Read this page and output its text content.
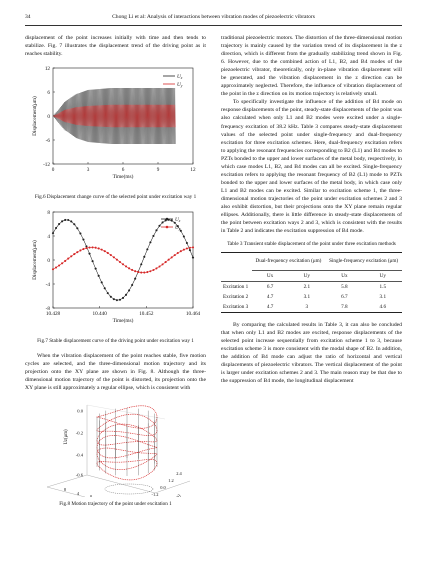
34	Chong Li et al: Analysis of interactions between vibration modes of piezoelectric vibrators

displacement of the point increases initially with time and then tends to stabilize. Fig. 7 illustrates the displacement trend of the driving point as it reaches stability.

-12
-6
0
6
12
0	3	6	9	12
Time(ms)
Displacement(μm)
$U_x$
$U_y$
Fig.6 Displacement change curve of the selected point under excitation way 1
-8
-4
0
4
8
10.428	10.440	10.452	10.464
Time(ms)
Displacement(μm)
$U_x$
$U_y$
Fig.7 Stable displacement curve of the driving point under excitation way 1

When the vibration displacement of the point reaches stable, five motion cycles are selected, and the three-dimensional motion trajectory and its projection onto the XY plane are shown in Fig. 8. Although the three-dimensional motion trajectory of the point is distorted, its projection onto the XY plane is still approximately a regular ellipse, which is consistent with

0.0
-0.2
-0.4
-0.6
Uz(μm)
8
4
0
2.4
1.2
0.0
-1.2
Fig.8 Motion trajectory of the point under excitation 1

traditional piezoelectric motors. The distortion of the three-dimensional motion trajectory is mainly caused by the variation trend of its displacement in the z direction, which is different from the gradually stabilizing trend shown in Fig. 6. However, due to the combined action of L1, B2, and B4 modes of the piezoelectric vibrator, theoretically, only in-plane vibration displacement will be generated, and the vibration displacement in the z direction can be approximately neglected. Therefore, the influence of vibration displacement of the point in the z direction on its motion trajectory is relatively small.

To specifically investigate the influence of the addition of B4 mode on response displacements of the point, steady-state displacements of the point was also calculated when only L1 and B2 modes were excited under a single-frequency excitation of 38.2 kHz. Table 3 compares steady-state displacement values of the selected point under single-frequency and dual-frequency excitation for three excitation schemes. Here, dual-frequency excitation refers to applying the resonant frequencies corresponding to B2 (L1) and B4 modes to PZTs bonded to the upper and lower surfaces of the metal body, respectively, in which case modes L1, B2, and B4 modes can all be excited. Single-frequency excitation refers to applying the resonant frequency of B2 (L1) mode to PZTs bonded to the upper and lower surfaces of the metal body, in which case only L1 and B2 modes can be excited. Similar to excitation scheme 1, the three-dimensional motion trajectories of the point under excitation schemes 2 and 3 also exhibit distortion, but their projections onto the XY plane remain regular ellipses. Additionally, there is little difference in steady-state displacements of the point between excitation ways 2 and 3, which is consistent with the results in Table 2 and indicates the excitation suppression of B4 mode.

Table 3 Transient stable displacement of the point under three excitation methods
	Dual-frequency excitation (μm)		Single-frequency excitation (μm)	
	Ux	Uy	Ux	Uy
Excitation 1	6.7	2.1	5.8	1.5
Excitation 2	4.7	3.1	6.7	3.1
Excitation 3	4.7	3	7.8	4.6

By comparing the calculated results in Table 3, it can also be concluded that when only L1 and B2 modes are excited, response displacements of the selected point increase sequentially from excitation scheme 1 to 3, because excitation scheme 3 is more consistent with the modal shape of B2. In addition, the addition of B4 mode can adjust the ratio of horizontal and vertical displacements of piezoelectric vibrators. The vertical displacement of the point is larger under excitation schemes 2 and 3. The main reason may be that due to the suppression of B4 mode, the longitudinal displacement
